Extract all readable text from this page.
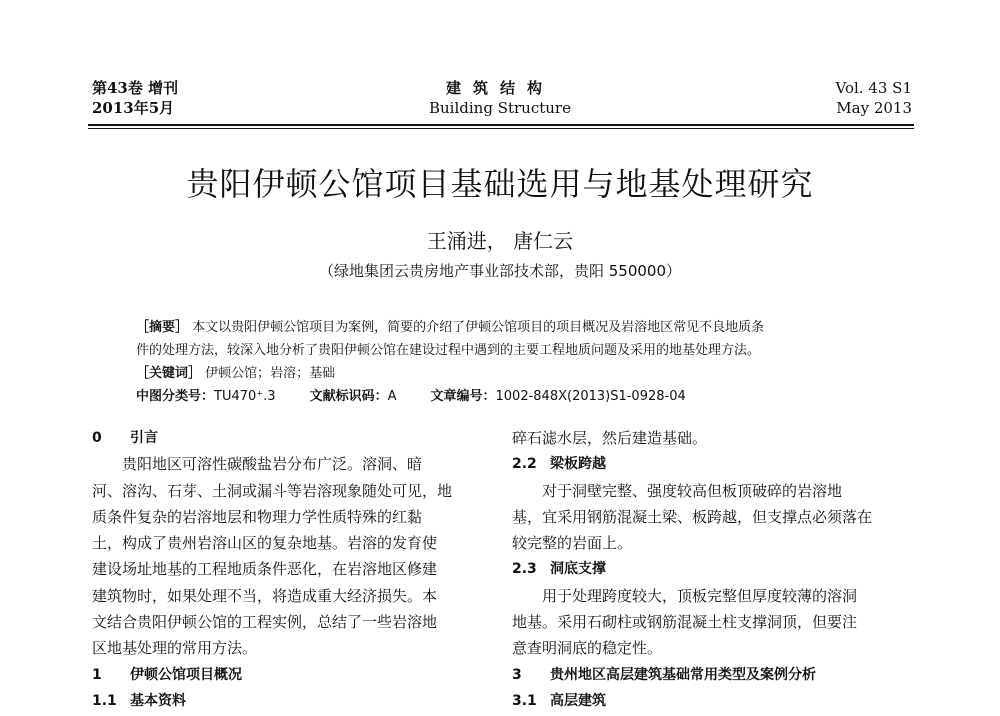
第43卷 增刊
2013年5月
建筑结构
Building Structure
Vol. 43 S1
May 2013
贵阳伊顿公馆项目基础选用与地基处理研究
王涌进， 唐仁云
（绿地集团云贵房地产事业部技术部，贵阳 550000）

［摘要］ 本文以贵阳伊顿公馆项目为案例，简要的介绍了伊顿公馆项目的项目概况及岩溶地区常见不良地质条

件的处理方法，较深入地分析了贵阳伊顿公馆在建设过程中遇到的主要工程地质问题及采用的地基处理方法。

［关键词］ 伊顿公馆；岩溶；基础

中图分类号：TU470⁺.3	文献标识码：A	文章编号：1002-848X(2013)S1-0928-04

0 引言
贵阳地区可溶性碳酸盐岩分布广泛。溶洞、暗
河、溶沟、石芽、土洞或漏斗等岩溶现象随处可见，地
质条件复杂的岩溶地层和物理力学性质特殊的红黏
土，构成了贵州岩溶山区的复杂地基。岩溶的发育使
建设场址地基的工程地质条件恶化，在岩溶地区修建
建筑物时，如果处理不当，将造成重大经济损失。本
文结合贵阳伊顿公馆的工程实例，总结了一些岩溶地
区地基处理的常用方法。
1 伊顿公馆项目概况
1.1 基本资料
碎石滤水层，然后建造基础。
2.2 梁板跨越
对于洞壁完整、强度较高但板顶破碎的岩溶地
基，宜采用钢筋混凝土梁、板跨越，但支撑点必须落在
较完整的岩面上。
2.3 洞底支撑
用于处理跨度较大，顶板完整但厚度较薄的溶洞
地基。采用石砌柱或钢筋混凝土柱支撑洞顶，但要注
意查明洞底的稳定性。
3 贵州地区高层建筑基础常用类型及案例分析
3.1 高层建筑
